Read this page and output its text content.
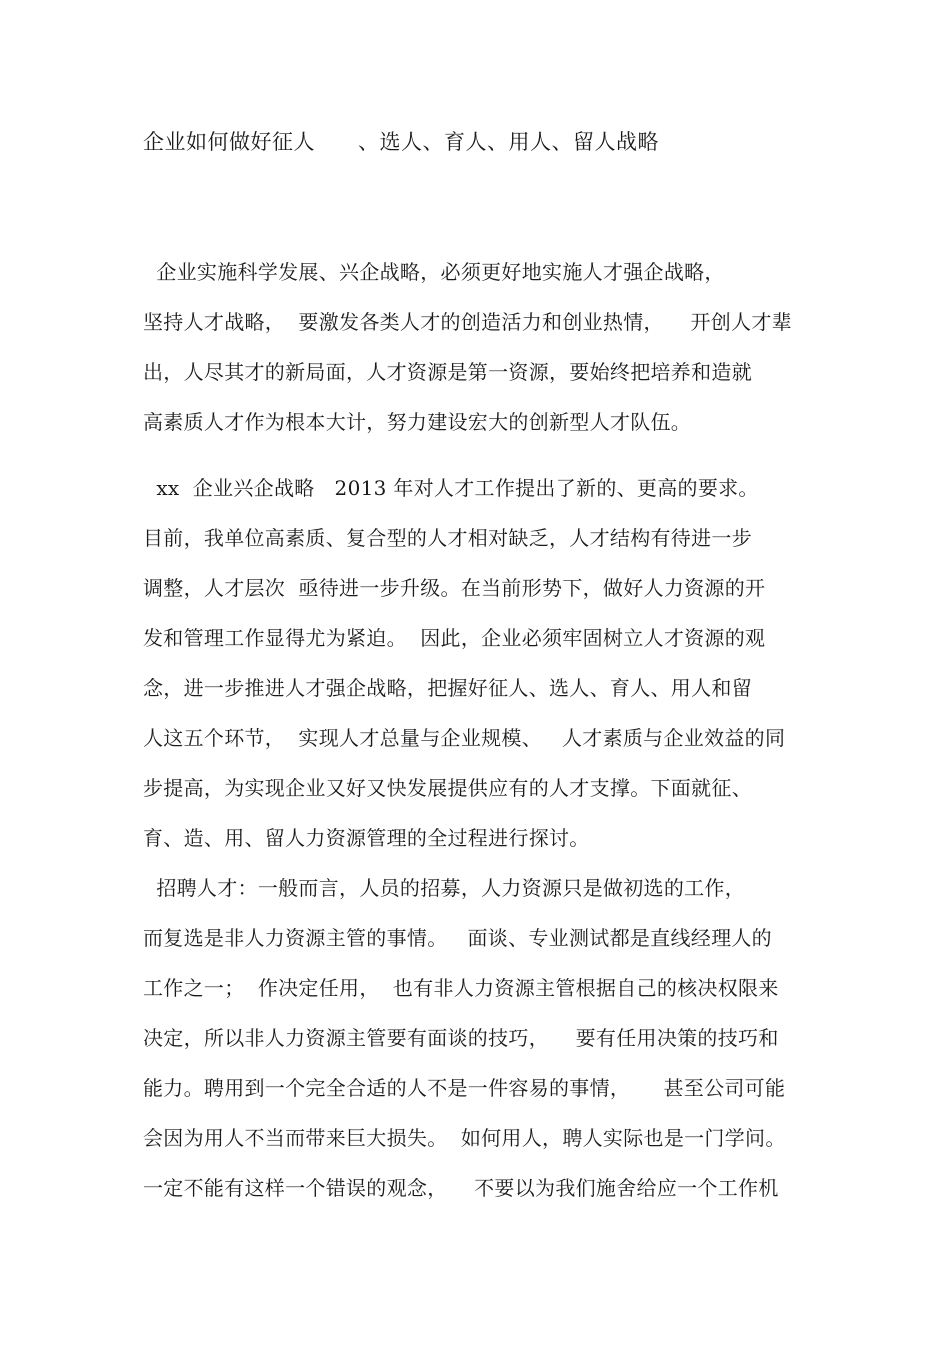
企业如何做好征人      、选人、育人、用人、留人战略
企业实施科学发展、兴企战略，必须更好地实施人才强企战略，
坚持人才战略，  要激发各类人才的创造活力和创业热情，    开创人才辈
出，人尽其才的新局面，人才资源是第一资源，要始终把培养和造就
高素质人才作为根本大计，努力建设宏大的创新型人才队伍。
xx  企业兴企战略   2013 年对人才工作提出了新的、更高的要求。
目前，我单位高素质、复合型的人才相对缺乏，人才结构有待进一步
调整，人才层次  亟待进一步升级。在当前形势下，做好人力资源的开
发和管理工作显得尤为紧迫。  因此，企业必须牢固树立人才资源的观
念，进一步推进人才强企战略，把握好征人、选人、育人、用人和留
人这五个环节，  实现人才总量与企业规模、   人才素质与企业效益的同
步提高，为实现企业又好又快发展提供应有的人才支撑。下面就征、
育、造、用、留人力资源管理的全过程进行探讨。
招聘人才：一般而言，人员的招募，人力资源只是做初选的工作，
而复选是非人力资源主管的事情。   面谈、专业测试都是直线经理人的
工作之一；  作决定任用，  也有非人力资源主管根据自己的核决权限来
决定，所以非人力资源主管要有面谈的技巧，    要有任用决策的技巧和
能力。聘用到一个完全合适的人不是一件容易的事情，     甚至公司可能
会因为用人不当而带来巨大损失。  如何用人，聘人实际也是一门学问。
一定不能有这样一个错误的观念，    不要以为我们施舍给应一个工作机
